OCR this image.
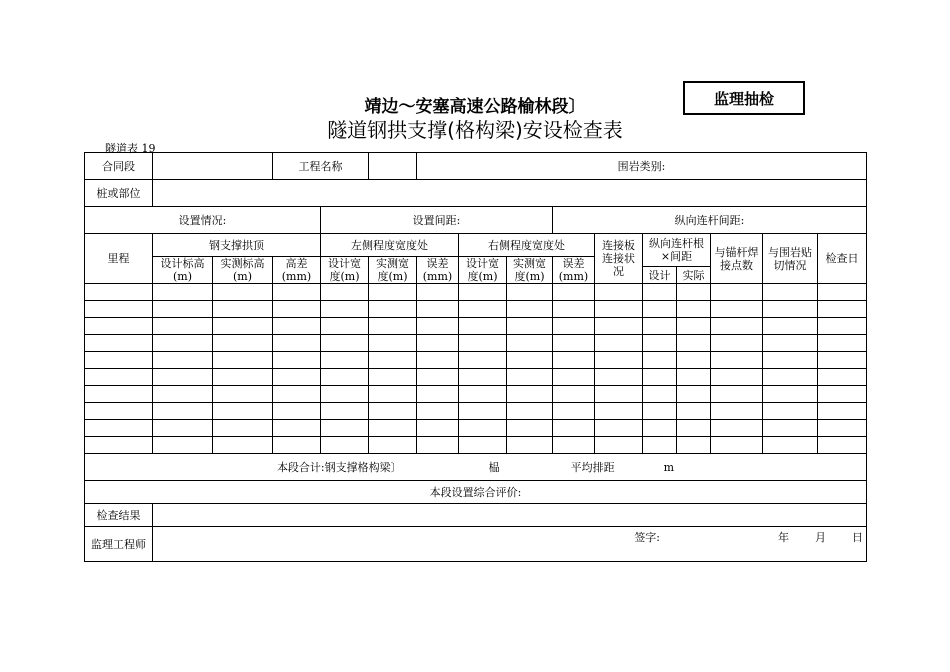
靖边～安塞高速公路榆林段〕
隧道钢拱支撑(格构梁)安设检查表
监理抽检
隧道表 19
合同段			工程名称			围岩类别:									
桩或部位															
设置情况:				设置间距:					纵向连杆间距:						
里程	钢支撑拱顶			左侧程度宽度处			右侧程度宽度处			连接板连接状况	纵向连杆根×间距		与锚杆焊接点数	与围岩贴切情况	检查日
	设计标高(m)	实测标高(m)	高差(mm)	设计宽度(m)	实测宽度(m)	误差(mm)	设计宽度(m)	实测宽度(m)	误差(mm)						
											设计	实际			

本段合计:钢支撑格构梁〕 榀 平均排距 m															
本段设置综合评价:															
检查结果															
监理工程师	签字: 年 月 日														
